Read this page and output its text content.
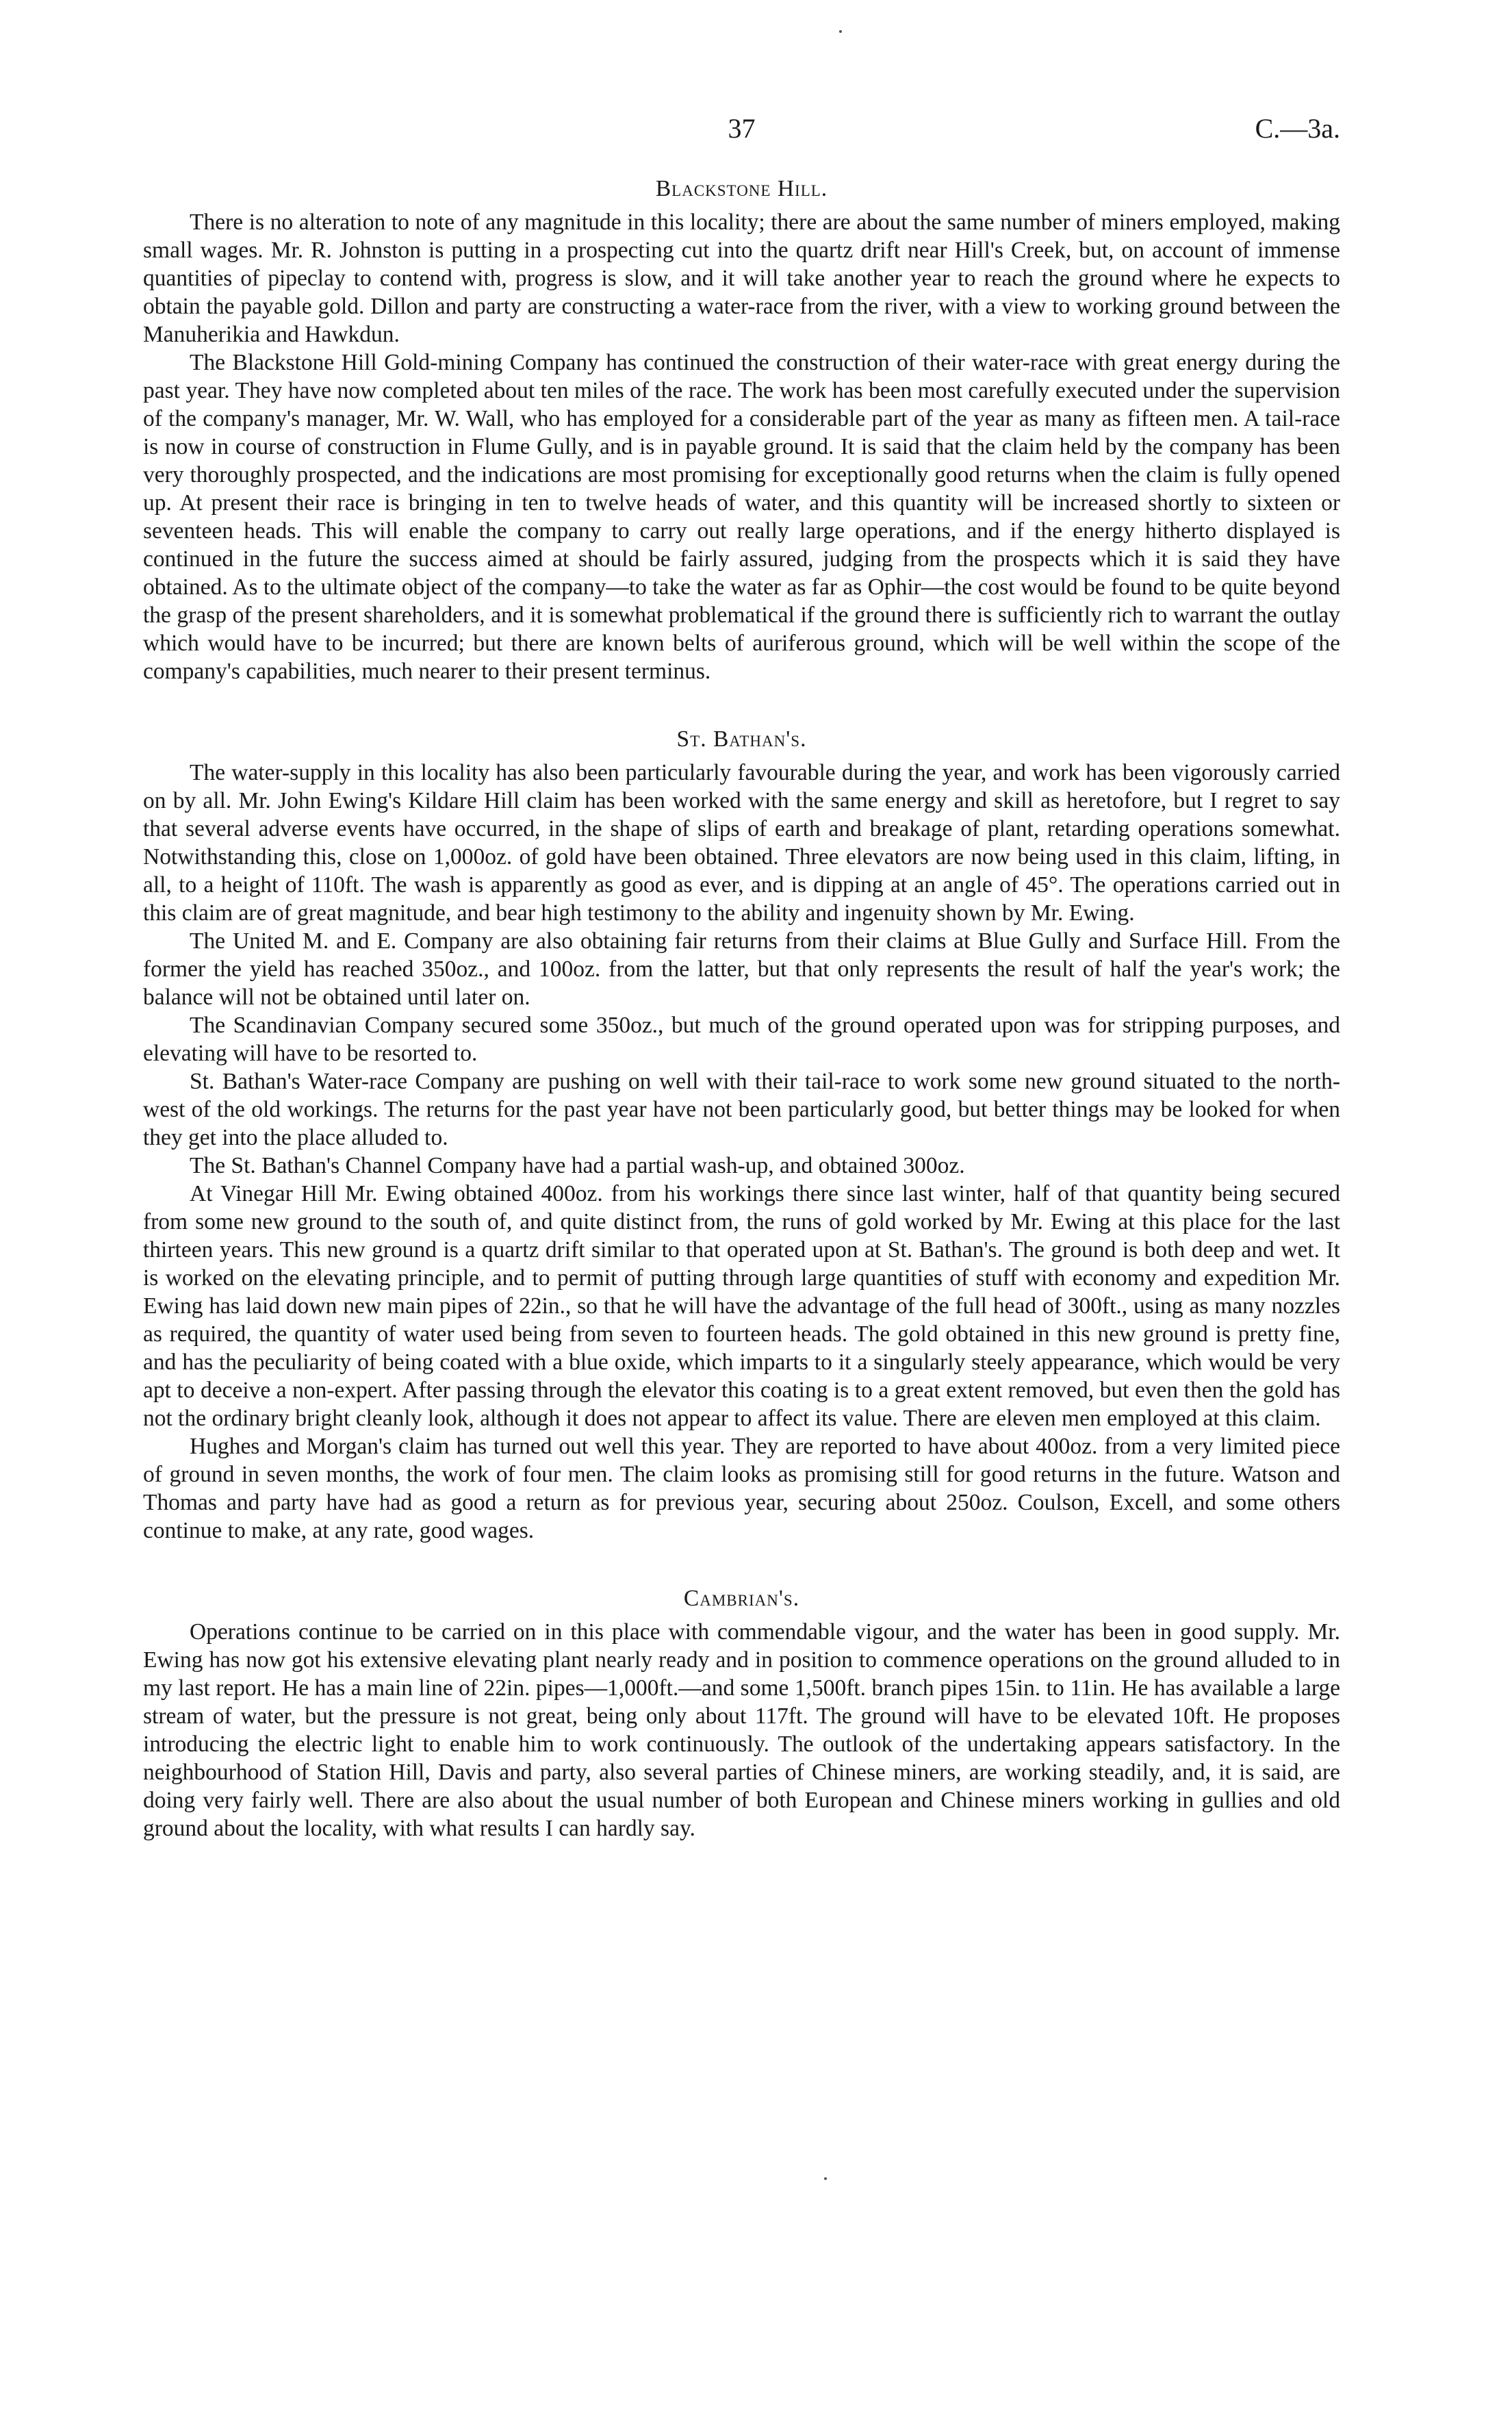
37	C.—3a.
Blackstone Hill.

There is no alteration to note of any magnitude in this locality; there are about the same number of miners employed, making small wages. Mr. R. Johnston is putting in a prospecting cut into the quartz drift near Hill's Creek, but, on account of immense quantities of pipeclay to contend with, progress is slow, and it will take another year to reach the ground where he expects to obtain the payable gold. Dillon and party are constructing a water-race from the river, with a view to working ground between the Manuherikia and Hawkdun.

The Blackstone Hill Gold-mining Company has continued the construction of their water-race with great energy during the past year. They have now completed about ten miles of the race. The work has been most carefully executed under the supervision of the company's manager, Mr. W. Wall, who has employed for a considerable part of the year as many as fifteen men. A tail-race is now in course of construction in Flume Gully, and is in payable ground. It is said that the claim held by the company has been very thoroughly prospected, and the indications are most promising for exceptionally good returns when the claim is fully opened up. At present their race is bringing in ten to twelve heads of water, and this quantity will be increased shortly to sixteen or seventeen heads. This will enable the company to carry out really large operations, and if the energy hitherto displayed is continued in the future the success aimed at should be fairly assured, judging from the prospects which it is said they have obtained. As to the ultimate object of the company—to take the water as far as Ophir—the cost would be found to be quite beyond the grasp of the present shareholders, and it is somewhat problematical if the ground there is sufficiently rich to warrant the outlay which would have to be incurred; but there are known belts of auriferous ground, which will be well within the scope of the company's capabilities, much nearer to their present terminus.

St. Bathan's.

The water-supply in this locality has also been particularly favourable during the year, and work has been vigorously carried on by all. Mr. John Ewing's Kildare Hill claim has been worked with the same energy and skill as heretofore, but I regret to say that several adverse events have occurred, in the shape of slips of earth and breakage of plant, retarding operations somewhat. Notwithstanding this, close on 1,000oz. of gold have been obtained. Three elevators are now being used in this claim, lifting, in all, to a height of 110ft. The wash is apparently as good as ever, and is dipping at an angle of 45°. The operations carried out in this claim are of great magnitude, and bear high testimony to the ability and ingenuity shown by Mr. Ewing.

The United M. and E. Company are also obtaining fair returns from their claims at Blue Gully and Surface Hill. From the former the yield has reached 350oz., and 100oz. from the latter, but that only represents the result of half the year's work; the balance will not be obtained until later on.

The Scandinavian Company secured some 350oz., but much of the ground operated upon was for stripping purposes, and elevating will have to be resorted to.

St. Bathan's Water-race Company are pushing on well with their tail-race to work some new ground situated to the north-west of the old workings. The returns for the past year have not been particularly good, but better things may be looked for when they get into the place alluded to.

The St. Bathan's Channel Company have had a partial wash-up, and obtained 300oz.

At Vinegar Hill Mr. Ewing obtained 400oz. from his workings there since last winter, half of that quantity being secured from some new ground to the south of, and quite distinct from, the runs of gold worked by Mr. Ewing at this place for the last thirteen years. This new ground is a quartz drift similar to that operated upon at St. Bathan's. The ground is both deep and wet. It is worked on the elevating principle, and to permit of putting through large quantities of stuff with economy and expedition Mr. Ewing has laid down new main pipes of 22in., so that he will have the advantage of the full head of 300ft., using as many nozzles as required, the quantity of water used being from seven to fourteen heads. The gold obtained in this new ground is pretty fine, and has the peculiarity of being coated with a blue oxide, which imparts to it a singularly steely appearance, which would be very apt to deceive a non-expert. After passing through the elevator this coating is to a great extent removed, but even then the gold has not the ordinary bright cleanly look, although it does not appear to affect its value. There are eleven men employed at this claim.

Hughes and Morgan's claim has turned out well this year. They are reported to have about 400oz. from a very limited piece of ground in seven months, the work of four men. The claim looks as promising still for good returns in the future. Watson and Thomas and party have had as good a return as for previous year, securing about 250oz. Coulson, Excell, and some others continue to make, at any rate, good wages.

Cambrian's.

Operations continue to be carried on in this place with commendable vigour, and the water has been in good supply. Mr. Ewing has now got his extensive elevating plant nearly ready and in position to commence operations on the ground alluded to in my last report. He has a main line of 22in. pipes—1,000ft.—and some 1,500ft. branch pipes 15in. to 11in. He has available a large stream of water, but the pressure is not great, being only about 117ft. The ground will have to be elevated 10ft. He proposes introducing the electric light to enable him to work continuously. The outlook of the undertaking appears satisfactory. In the neighbourhood of Station Hill, Davis and party, also several parties of Chinese miners, are working steadily, and, it is said, are doing very fairly well. There are also about the usual number of both European and Chinese miners working in gullies and old ground about the locality, with what results I can hardly say.
